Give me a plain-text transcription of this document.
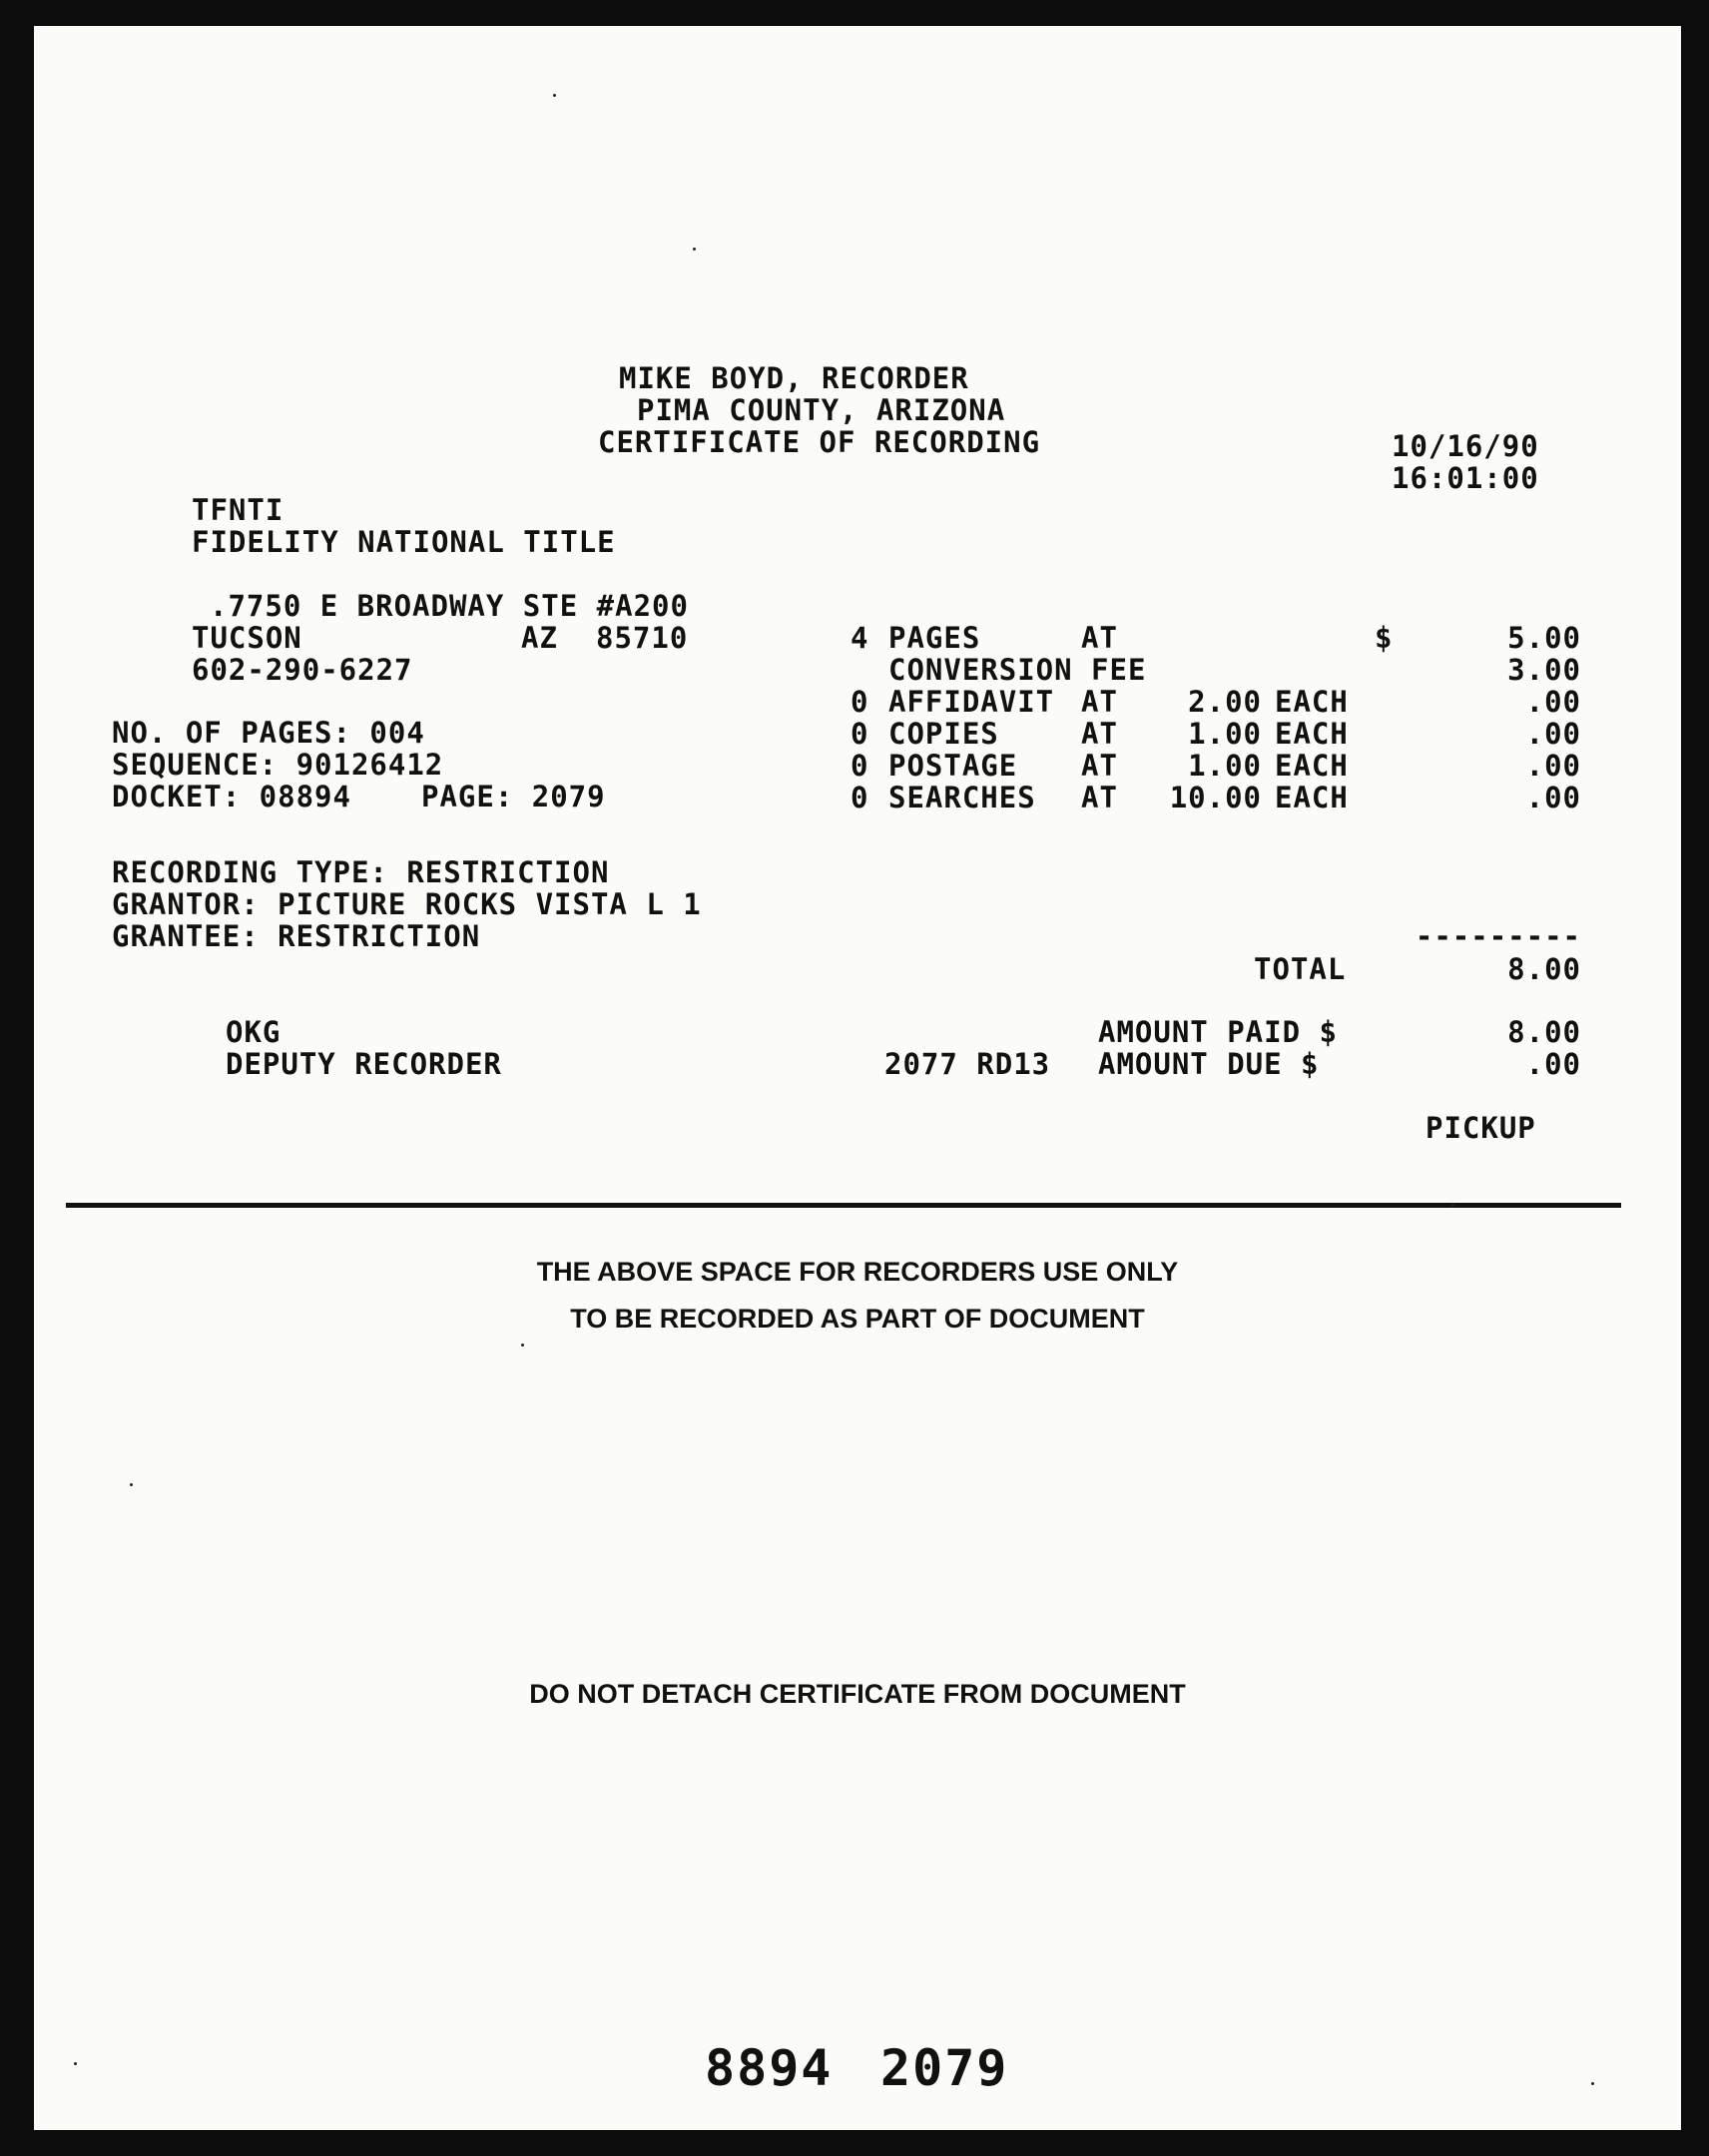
MIKE BOYD, RECORDER
PIMA COUNTY, ARIZONA
CERTIFICATE OF RECORDING	10/16/90
16:01:00
TFNTI
FIDELITY NATIONAL TITLE
.7750 E BROADWAY STE #A200
TUCSON	AZ 85710
602-290-6227
NO. OF PAGES: 004
SEQUENCE: 90126412
DOCKET: 08894 PAGE: 2079
RECORDING TYPE: RESTRICTION
GRANTOR: PICTURE ROCKS VISTA L 1
GRANTEE: RESTRICTION
4 PAGES	AT	$	5.00
CONVERSION FEE	3.00
0 AFFIDAVIT AT	2.00 EACH	.00
0 COPIES	AT	1.00 EACH	.00
0 POSTAGE AT	1.00 EACH	.00
0 SEARCHES AT	10.00 EACH	.00
---------
TOTAL	8.00
OKG
DEPUTY RECORDER
AMOUNT PAID $	8.00
2077 RD13 AMOUNT DUE $	.00
PICKUP
THE ABOVE SPACE FOR RECORDERS USE ONLY
TO BE RECORDED AS PART OF DOCUMENT
DO NOT DETACH CERTIFICATE FROM DOCUMENT
8894 2079
